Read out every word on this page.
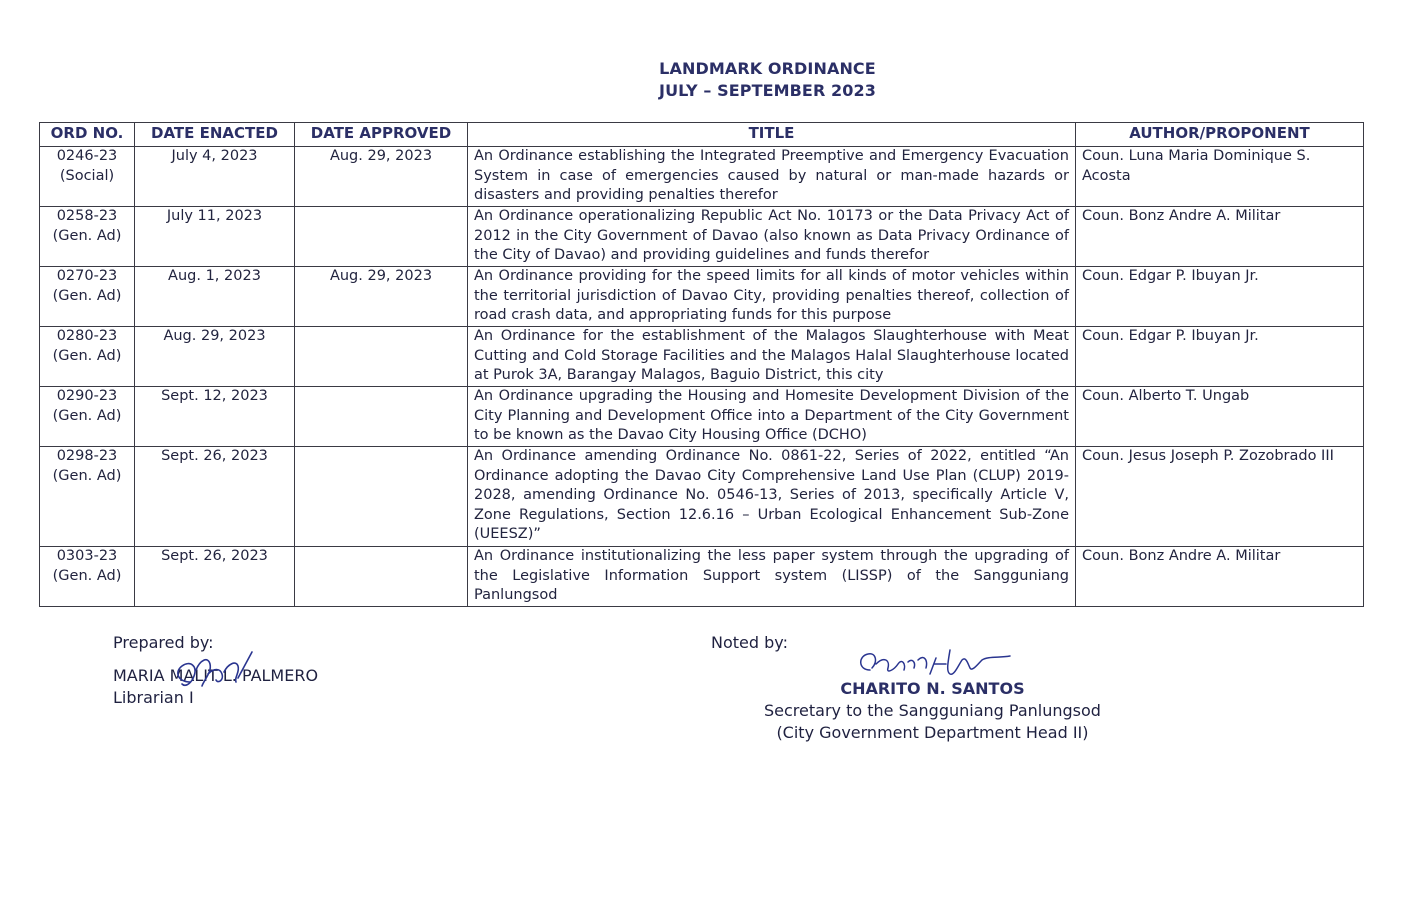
LANDMARK ORDINANCE
JULY – SEPTEMBER 2023
ORD NO.	DATE ENACTED	DATE APPROVED	TITLE	AUTHOR/PROPONENT

0246-23
(Social)	July 4, 2023	Aug. 29, 2023	An Ordinance establishing the Integrated Preemptive and Emergency Evacuation System in case of emergencies caused by natural or man-made hazards or disasters and providing penalties therefor	Coun. Luna Maria Dominique S. Acosta

0258-23
(Gen. Ad)	July 11, 2023		An Ordinance operationalizing Republic Act No. 10173 or the Data Privacy Act of 2012 in the City Government of Davao (also known as Data Privacy Ordinance of the City of Davao) and providing guidelines and funds therefor	Coun. Bonz Andre A. Militar

0270-23
(Gen. Ad)	Aug. 1, 2023	Aug. 29, 2023	An Ordinance providing for the speed limits for all kinds of motor vehicles within the territorial jurisdiction of Davao City, providing penalties thereof, collection of road crash data, and appropriating funds for this purpose	Coun. Edgar P. Ibuyan Jr.

0280-23
(Gen. Ad)	Aug. 29, 2023		An Ordinance for the establishment of the Malagos Slaughterhouse with Meat Cutting and Cold Storage Facilities and the Malagos Halal Slaughterhouse located at Purok 3A, Barangay Malagos, Baguio District, this city	Coun. Edgar P. Ibuyan Jr.

0290-23
(Gen. Ad)	Sept. 12, 2023		An Ordinance upgrading the Housing and Homesite Development Division of the City Planning and Development Office into a Department of the City Government to be known as the Davao City Housing Office (DCHO)	Coun. Alberto T. Ungab

0298-23
(Gen. Ad)	Sept. 26, 2023		An Ordinance amending Ordinance No. 0861-22, Series of 2022, entitled “An Ordinance adopting the Davao City Comprehensive Land Use Plan (CLUP) 2019-2028, amending Ordinance No. 0546-13, Series of 2013, specifically Article V, Zone Regulations, Section 12.6.16 – Urban Ecological Enhancement Sub-Zone (UEESZ)”	Coun. Jesus Joseph P. Zozobrado III

0303-23
(Gen. Ad)	Sept. 26, 2023		An Ordinance institutionalizing the less paper system through the upgrading of the Legislative Information Support system (LISSP) of the Sangguniang Panlungsod	Coun. Bonz Andre A. Militar
Prepared by:
MARIA MALIT L. PALMERO
Librarian I
Noted by:
CHARITO N. SANTOS
Secretary to the Sangguniang Panlungsod
(City Government Department Head II)
